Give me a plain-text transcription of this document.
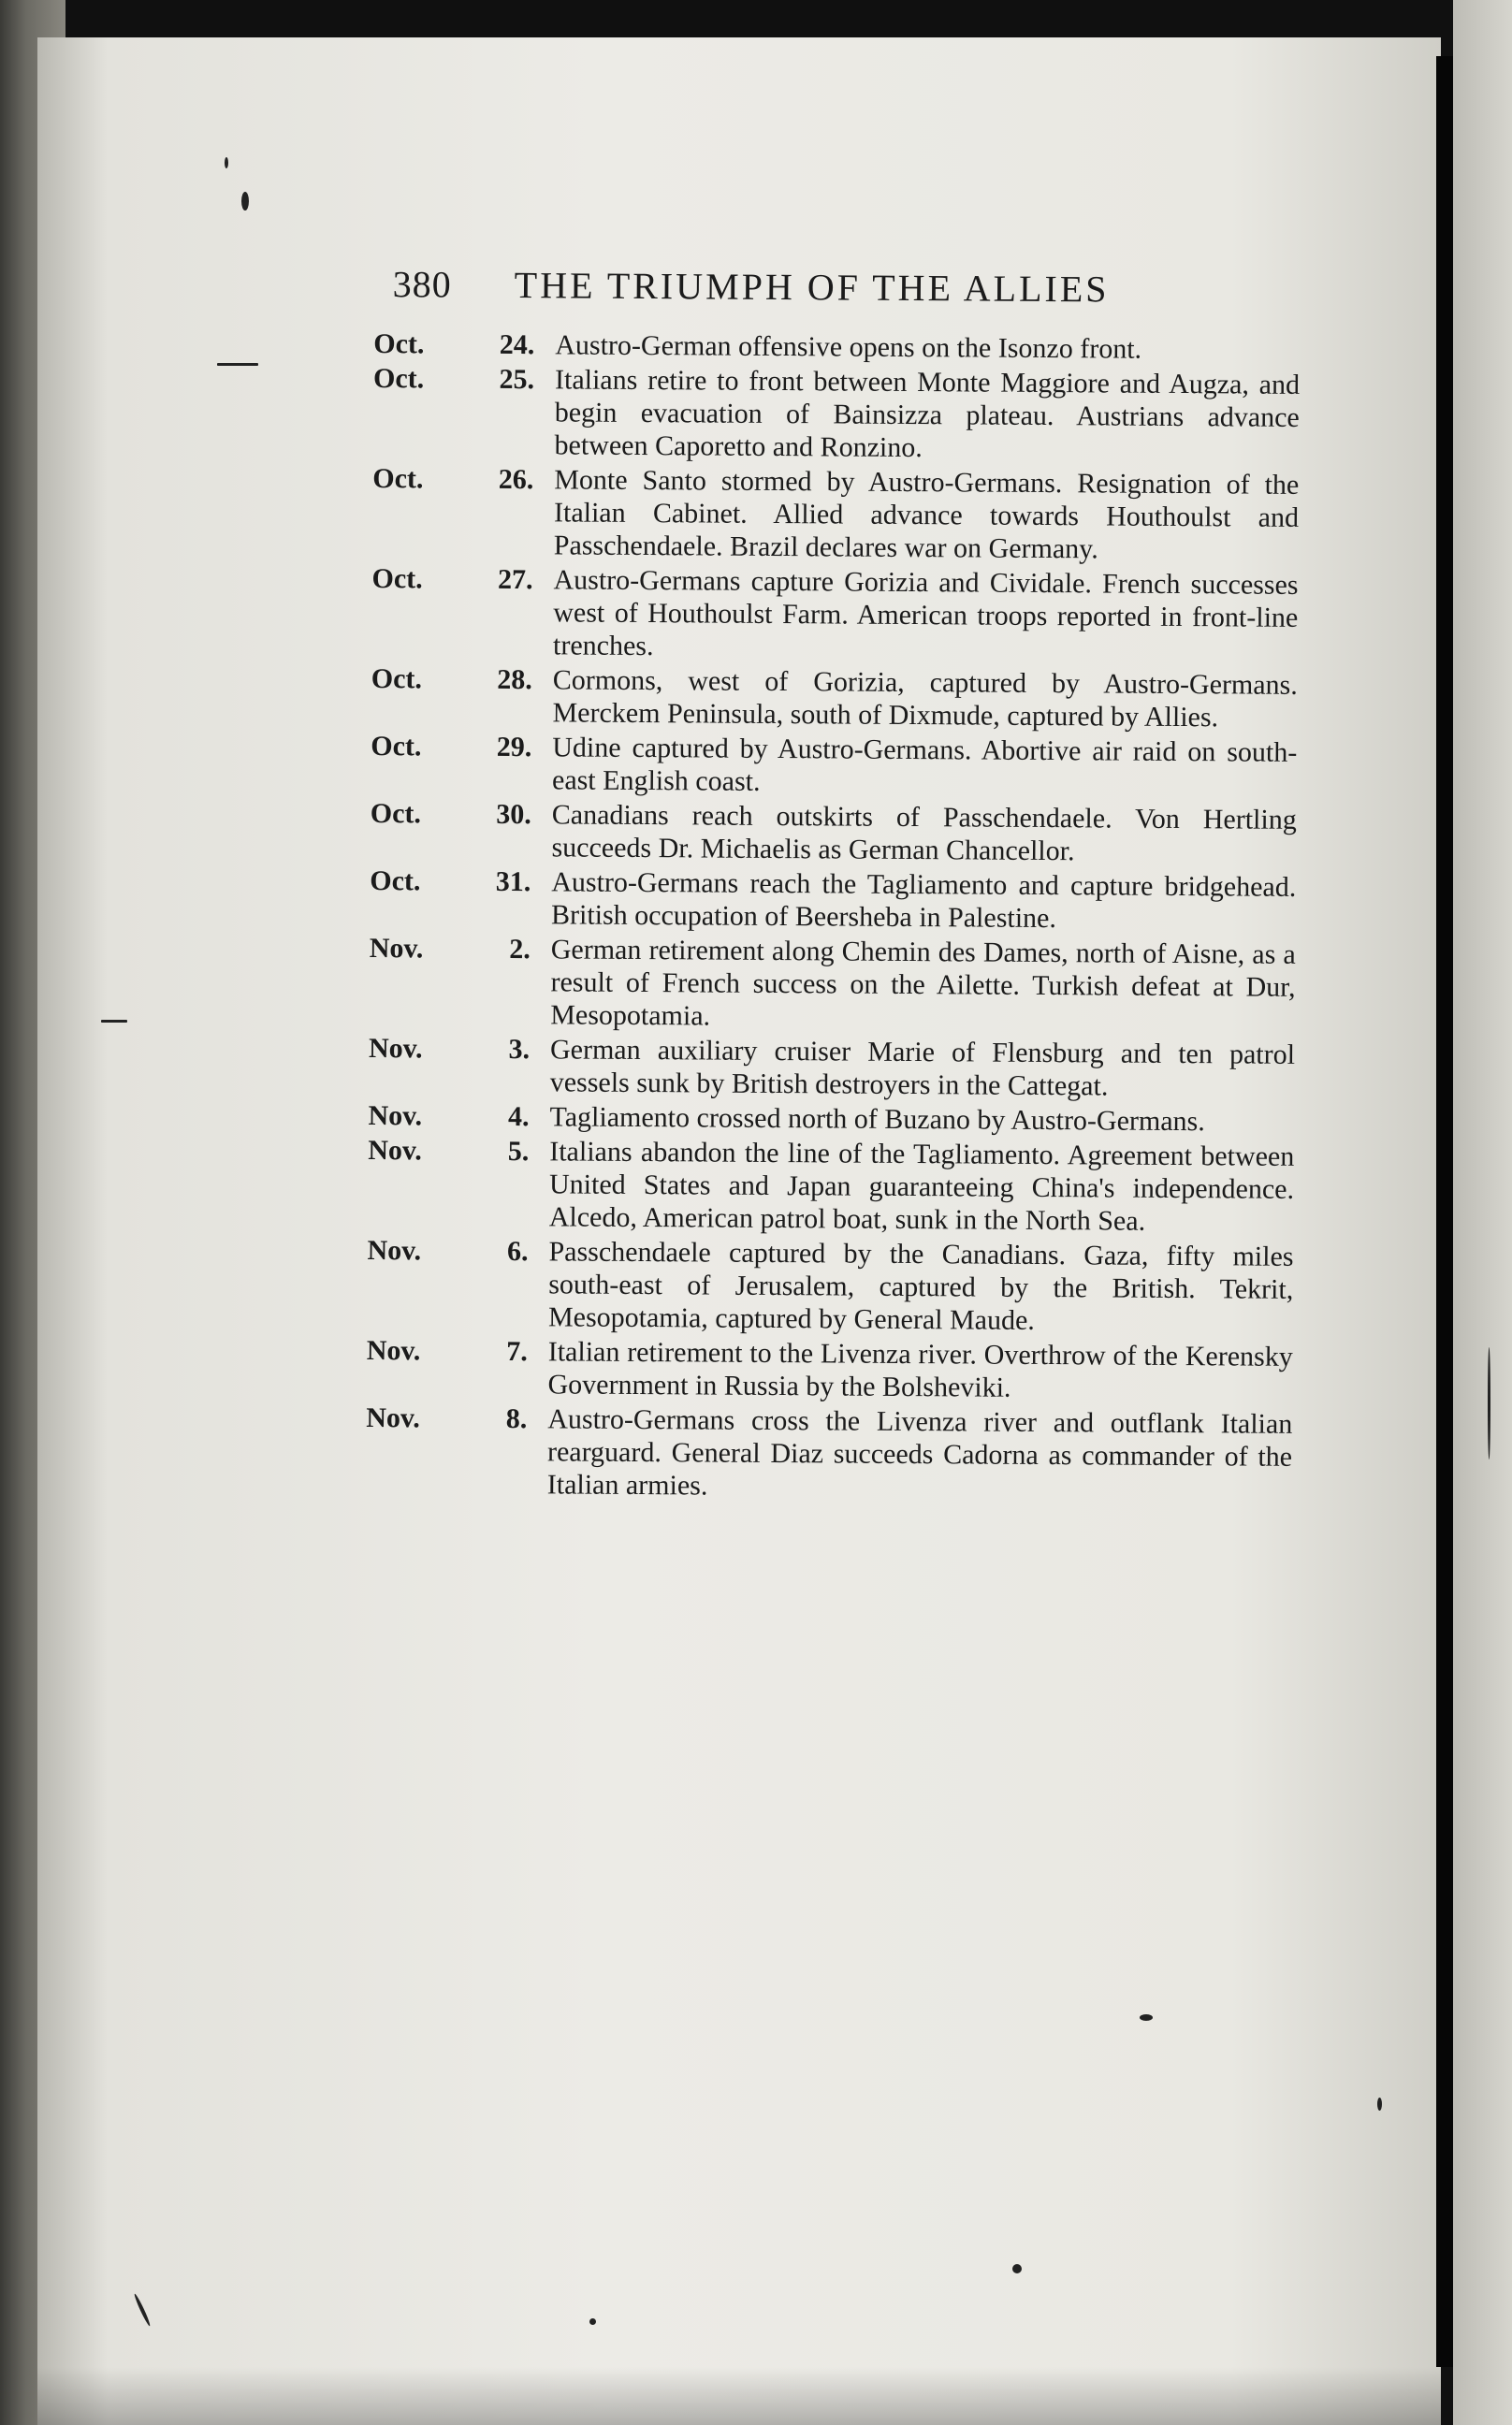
380 THE TRIUMPH OF THE ALLIES
Oct.	24. Austro-German offensive opens on the Isonzo front.
Oct.	25. Italians retire to front between Monte Maggiore and Augza, and begin evacuation of Bainsizza plateau. Austrians advance between Caporetto and Ronzino.
Oct.	26. Monte Santo stormed by Austro-Germans. Resignation of the Italian Cabinet. Allied advance towards Houthoulst and Passchendaele. Brazil declares war on Germany.
Oct.	27. Austro-Germans capture Gorizia and Cividale. French successes west of Houthoulst Farm. American troops reported in front-line trenches.
Oct.	28. Cormons, west of Gorizia, captured by Austro-Germans. Merckem Peninsula, south of Dixmude, captured by Allies.
Oct.	29. Udine captured by Austro-Germans. Abortive air raid on south-east English coast.
Oct.	30. Canadians reach outskirts of Passchendaele. Von Hertling succeeds Dr. Michaelis as German Chancellor.
Oct.	31. Austro-Germans reach the Tagliamento and capture bridgehead. British occupation of Beersheba in Palestine.
Nov.	2. German retirement along Chemin des Dames, north of Aisne, as a result of French success on the Ailette. Turkish defeat at Dur, Mesopotamia.
Nov.	3. German auxiliary cruiser Marie of Flensburg and ten patrol vessels sunk by British destroyers in the Cattegat.
Nov.	4. Tagliamento crossed north of Buzano by Austro-Germans.
Nov.	5. Italians abandon the line of the Tagliamento. Agreement between United States and Japan guaranteeing China's independence. Alcedo, American patrol boat, sunk in the North Sea.
Nov.	6. Passchendaele captured by the Canadians. Gaza, fifty miles south-east of Jerusalem, captured by the British. Tekrit, Mesopotamia, captured by General Maude.
Nov.	7. Italian retirement to the Livenza river. Overthrow of the Kerensky Government in Russia by the Bolsheviki.
Nov.	8. Austro-Germans cross the Livenza river and outflank Italian rearguard. General Diaz succeeds Cadorna as commander of the Italian armies.
